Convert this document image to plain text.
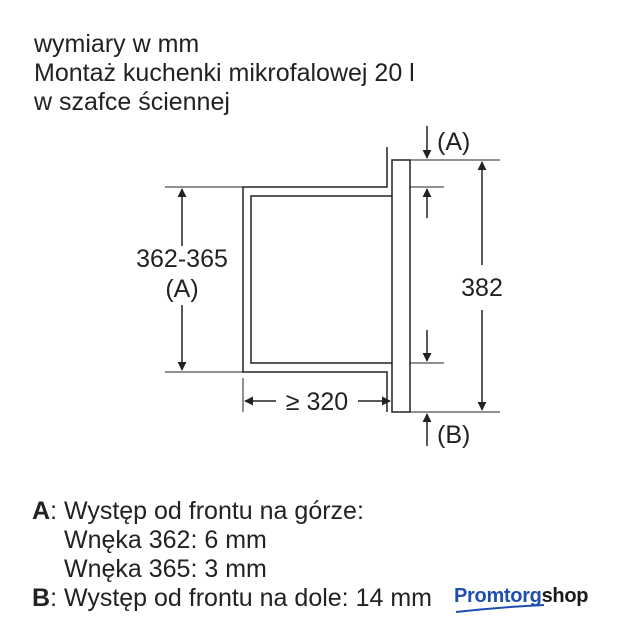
wymiary w mm
Montaż kuchenki mikrofalowej 20 l
w szafce ściennej
362-365
(A)
≥ 320
382
(A)
(B)
A: Występ od frontu na górze:
Wnęka 362: 6 mm
Wnęka 365: 3 mm
B: Występ od frontu na dole: 14 mm Promtorgshop
